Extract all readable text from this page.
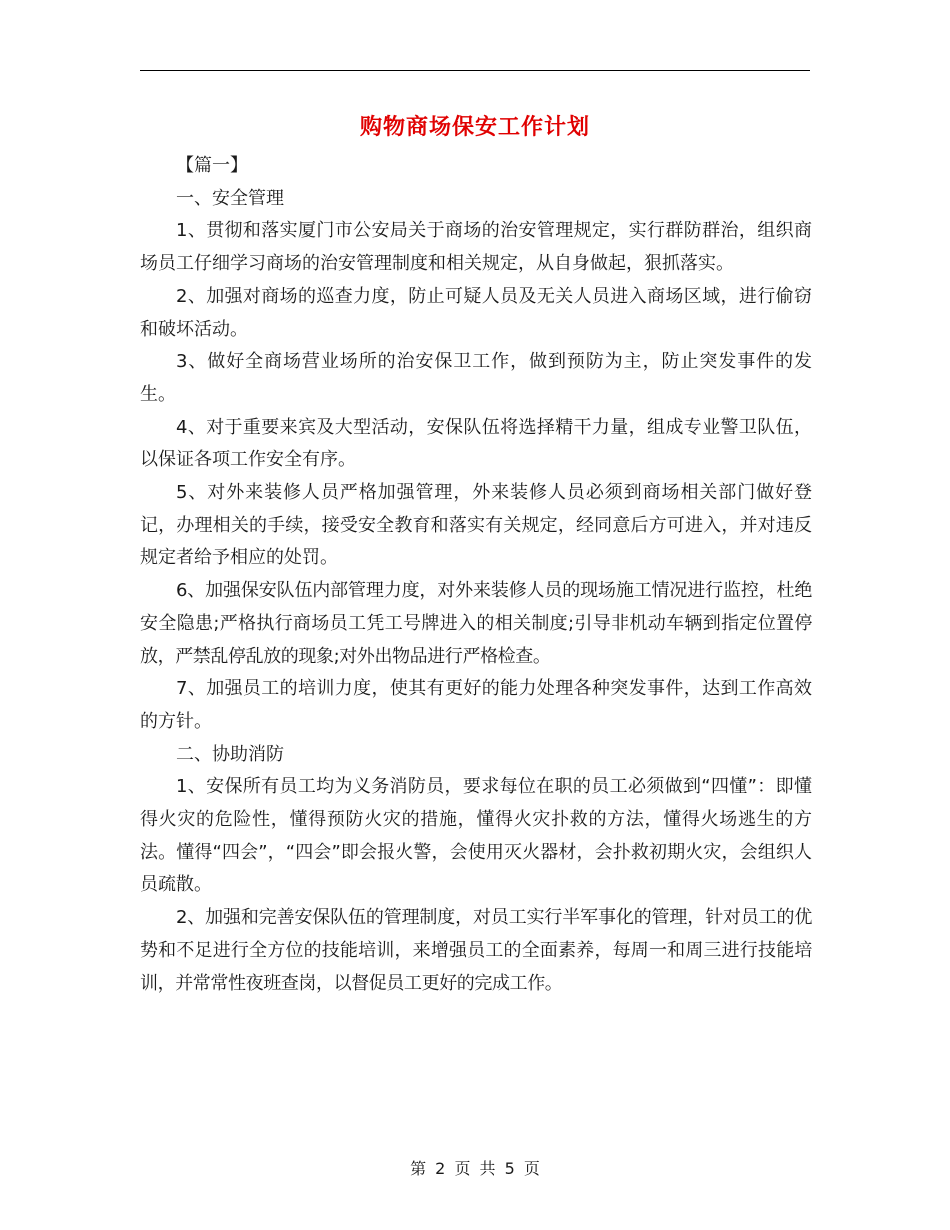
购物商场保安工作计划

【篇一】

一、安全管理

1、贯彻和落实厦门市公安局关于商场的治安管理规定，实行群防群治，组织商场员工仔细学习商场的治安管理制度和相关规定，从自身做起，狠抓落实。

2、加强对商场的巡查力度，防止可疑人员及无关人员进入商场区域，进行偷窃和破坏活动。

3、做好全商场营业场所的治安保卫工作，做到预防为主，防止突发事件的发生。

4、对于重要来宾及大型活动，安保队伍将选择精干力量，组成专业警卫队伍，以保证各项工作安全有序。

5、对外来装修人员严格加强管理，外来装修人员必须到商场相关部门做好登记，办理相关的手续，接受安全教育和落实有关规定，经同意后方可进入，并对违反规定者给予相应的处罚。

6、加强保安队伍内部管理力度，对外来装修人员的现场施工情况进行监控，杜绝安全隐患;严格执行商场员工凭工号牌进入的相关制度;引导非机动车辆到指定位置停放，严禁乱停乱放的现象;对外出物品进行严格检查。

7、加强员工的培训力度，使其有更好的能力处理各种突发事件，达到工作高效的方针。

二、协助消防

1、安保所有员工均为义务消防员，要求每位在职的员工必须做到“四懂”：即懂得火灾的危险性，懂得预防火灾的措施，懂得火灾扑救的方法，懂得火场逃生的方法。懂得“四会”，“四会”即会报火警，会使用灭火器材，会扑救初期火灾，会组织人员疏散。

2、加强和完善安保队伍的管理制度，对员工实行半军事化的管理，针对员工的优势和不足进行全方位的技能培训，来增强员工的全面素养，每周一和周三进行技能培训，并常常性夜班查岗，以督促员工更好的完成工作。

第 2 页 共 5 页
